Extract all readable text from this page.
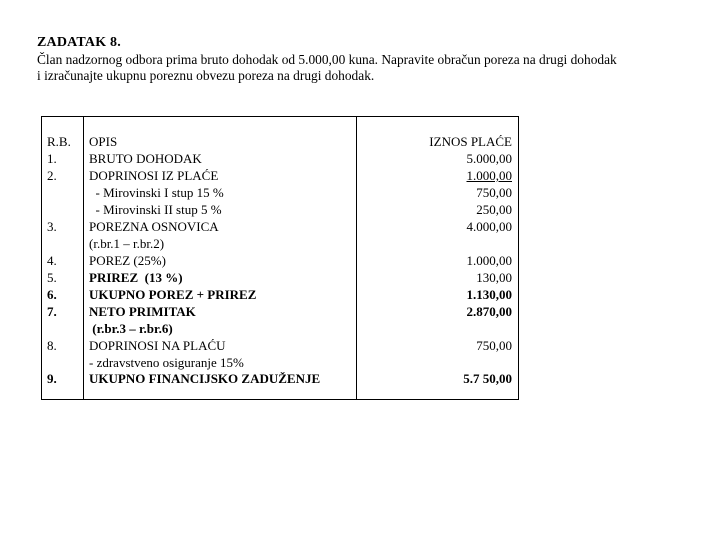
ZADATAK 8.
Član nadzornog odbora prima bruto dohodak od 5.000,00 kuna. Napravite obračun poreza na drugi dohodak
i izračunajte ukupnu poreznu obvezu poreza na drugi dohodak.
R.B. OPIS	IZNOS PLAĆE
1. BRUTO DOHODAK	5.000,00
2. DOPRINOSI IZ PLAĆE	1.000,00
- Mirovinski I stup 15 %	750,00
- Mirovinski II stup 5 %	250,00
3. POREZNA OSNOVICA	4.000,00
(r.br.1 – r.br.2)
4. POREZ (25%)	1.000,00
5. PRIREZ  (13 %)	130,00
6. UKUPNO POREZ + PRIREZ	1.130,00
7. NETO PRIMITAK	2.870,00
(r.br.3 – r.br.6)
8. DOPRINOSI NA PLAĆU	750,00
- zdravstveno osiguranje 15%
9. UKUPNO FINANCIJSKO ZADUŽENJE	5.7 50,00
